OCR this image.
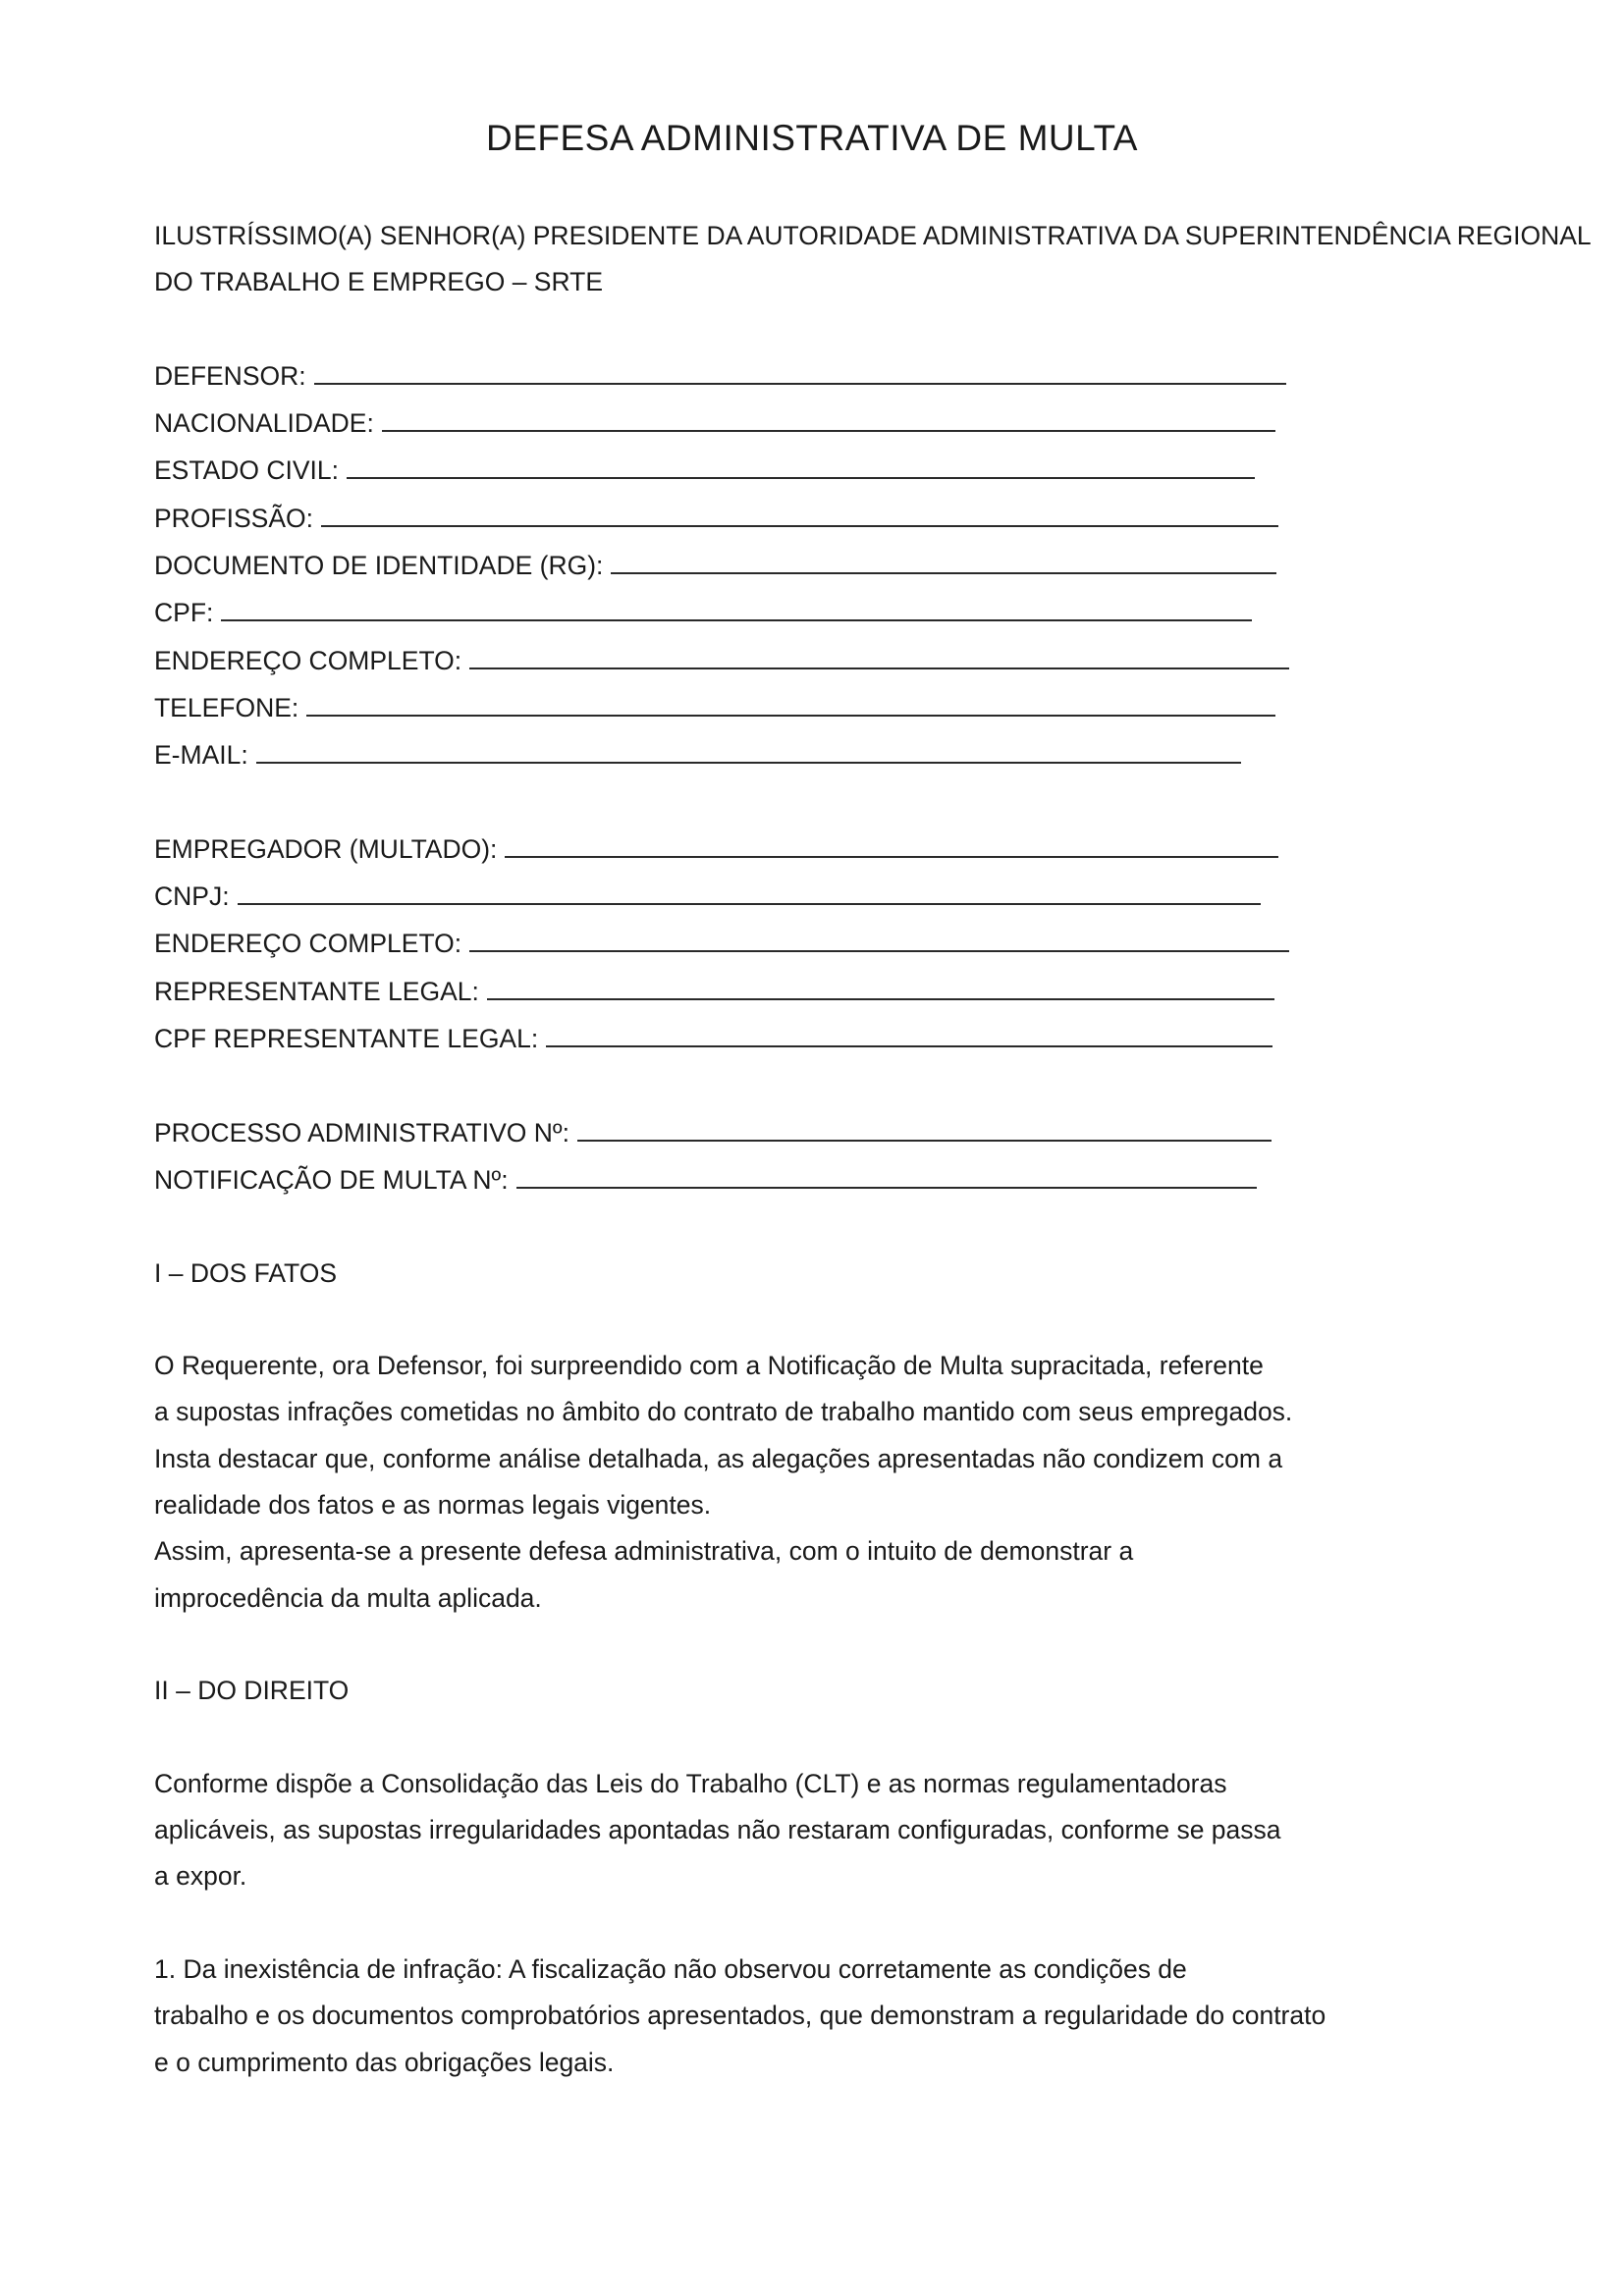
DEFESA ADMINISTRATIVA DE MULTA
ILUSTRÍSSIMO(A) SENHOR(A) PRESIDENTE DA AUTORIDADE ADMINISTRATIVA DA SUPERINTENDÊNCIA REGIONAL
DO TRABALHO E EMPREGO – SRTE
DEFENSOR:
NACIONALIDADE:
ESTADO CIVIL:
PROFISSÃO:
DOCUMENTO DE IDENTIDADE (RG):
CPF:
ENDEREÇO COMPLETO:
TELEFONE:
E-MAIL:
EMPREGADOR (MULTADO):
CNPJ:
ENDEREÇO COMPLETO:
REPRESENTANTE LEGAL:
CPF REPRESENTANTE LEGAL:
PROCESSO ADMINISTRATIVO Nº:
NOTIFICAÇÃO DE MULTA Nº:
I – DOS FATOS
O Requerente, ora Defensor, foi surpreendido com a Notificação de Multa supracitada, referente
a supostas infrações cometidas no âmbito do contrato de trabalho mantido com seus empregados.
Insta destacar que, conforme análise detalhada, as alegações apresentadas não condizem com a
realidade dos fatos e as normas legais vigentes.
Assim, apresenta-se a presente defesa administrativa, com o intuito de demonstrar a
improcedência da multa aplicada.
II – DO DIREITO
Conforme dispõe a Consolidação das Leis do Trabalho (CLT) e as normas regulamentadoras
aplicáveis, as supostas irregularidades apontadas não restaram configuradas, conforme se passa
a expor.
1. Da inexistência de infração: A fiscalização não observou corretamente as condições de
trabalho e os documentos comprobatórios apresentados, que demonstram a regularidade do contrato
e o cumprimento das obrigações legais.
